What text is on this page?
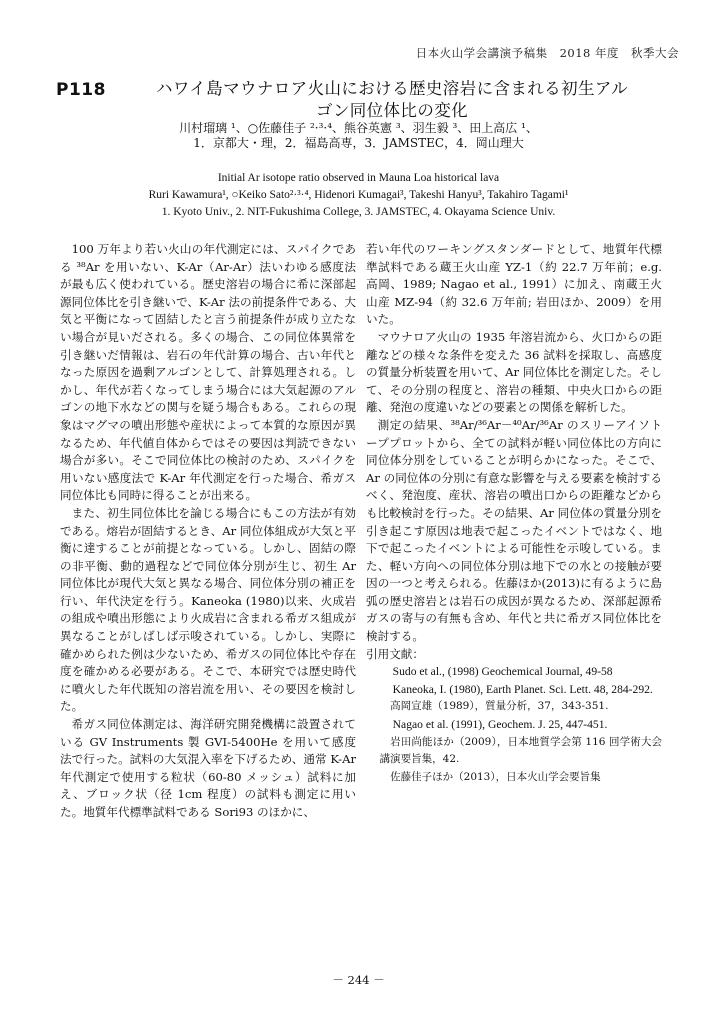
日本火山学会講演予稿集　2018 年度　秋季大会
P118	ハワイ島マウナロア火山における歴史溶岩に含まれる初生アル
ゴン同位体比の変化
川村瑠璃 ¹、○佐藤佳子 ²·³·⁴、熊谷英憲 ³、羽生毅 ³、田上高広 ¹、
1．京都大・理，2．福島高専，3．JAMSTEC，4．岡山理大
Initial Ar isotope ratio observed in Mauna Loa historical lava
Ruri Kawamura¹, ○Keiko Sato²·³·⁴, Hidenori Kumagai³, Takeshi Hanyu³, Takahiro Tagami¹
1. Kyoto Univ., 2. NIT-Fukushima College, 3. JAMSTEC, 4. Okayama Science Univ.

100 万年より若い火山の年代測定には、スパイクである ³⁸Ar を用いない、K-Ar（Ar-Ar）法いわゆる感度法が最も広く使われている。歴史溶岩の場合に希に深部起源同位体比を引き継いで、K-Ar 法の前提条件である、大気と平衡になって固結したと言う前提条件が成り立たない場合が見いだされる。多くの場合、この同位体異常を引き継いだ情報は、岩石の年代計算の場合、古い年代となった原因を過剰アルゴンとして、計算処理される。しかし、年代が若くなってしまう場合には大気起源のアルゴンの地下水などの関与を疑う場合もある。これらの現象はマグマの噴出形態や産状によって本質的な原因が異なるため、年代値自体からではその要因は判読できない場合が多い。そこで同位体比の検討のため、スパイクを用いない感度法で K-Ar 年代測定を行った場合、希ガス同位体比も同時に得ることが出来る。

また、初生同位体比を論じる場合にもこの方法が有効である。熔岩が固結するとき、Ar 同位体組成が大気と平衡に達することが前提となっている。しかし、固結の際の非平衡、動的過程などで同位体分別が生じ、初生 Ar 同位体比が現代大気と異なる場合、同位体分別の補正を行い、年代決定を行う。Kaneoka (1980)以来、火成岩の組成や噴出形態により火成岩に含まれる希ガス組成が異なることがしばしば示唆されている。しかし、実際に確かめられた例は少ないため、希ガスの同位体比や存在度を確かめる必要がある。そこで、本研究では歴史時代に噴火した年代既知の溶岩流を用い、その要因を検討した。

希ガス同位体測定は、海洋研究開発機構に設置されている GV Instruments 製 GVI-5400He を用いて感度法で行った。試料の大気混入率を下げるため、通常 K-Ar 年代測定で使用する粒状（60-80 メッシュ）試料に加え、ブロック状（径 1cm 程度）の試料も測定に用いた。地質年代標準試料である Sori93 のほかに、

若い年代のワーキングスタンダードとして、地質年代標準試料である蔵王火山産 YZ-1（約 22.7 万年前；e.g. 高岡、1989; Nagao et al., 1991）に加え、南蔵王火山産 MZ-94（約 32.6 万年前; 岩田ほか、2009）を用いた。

マウナロア火山の 1935 年溶岩流から、火口からの距離などの様々な条件を変えた 36 試料を採取し、高感度の質量分析装置を用いて、Ar 同位体比を測定した。そして、その分別の程度と、溶岩の種類、中央火口からの距離、発泡の度違いなどの要素との関係を解析した。

測定の結果、³⁸Ar/³⁶Ar－⁴⁰Ar/³⁶Ar のスリーアイソトーププロットから、全ての試料が軽い同位体比の方向に同位体分別をしていることが明らかになった。そこで、Ar の同位体の分別に有意な影響を与える要素を検討するべく、発泡度、産状、溶岩の噴出口からの距離などからも比較検討を行った。その結果、Ar 同位体の質量分別を引き起こす原因は地表で起こったイベントではなく、地下で起こったイベントによる可能性を示唆している。また、軽い方向への同位体分別は地下での水との接触が要因の一つと考えられる。佐藤ほか(2013)に有るように島弧の歴史溶岩とは岩石の成因が異なるため、深部起源希ガスの寄与の有無も含め、年代と共に希ガス同位体比を検討する。

引用文献：

Sudo et al., (1998) Geochemical Journal, 49-58

Kaneoka, I. (1980), Earth Planet. Sci. Lett. 48, 284-292.

高岡宣雄（1989），質量分析，37，343-351.

Nagao et al. (1991), Geochem. J. 25, 447-451.

岩田尚能ほか（2009），日本地質学会第 116 回学術大会講演要旨集，42.

佐藤佳子ほか（2013），日本火山学会要旨集

－ 244 －
